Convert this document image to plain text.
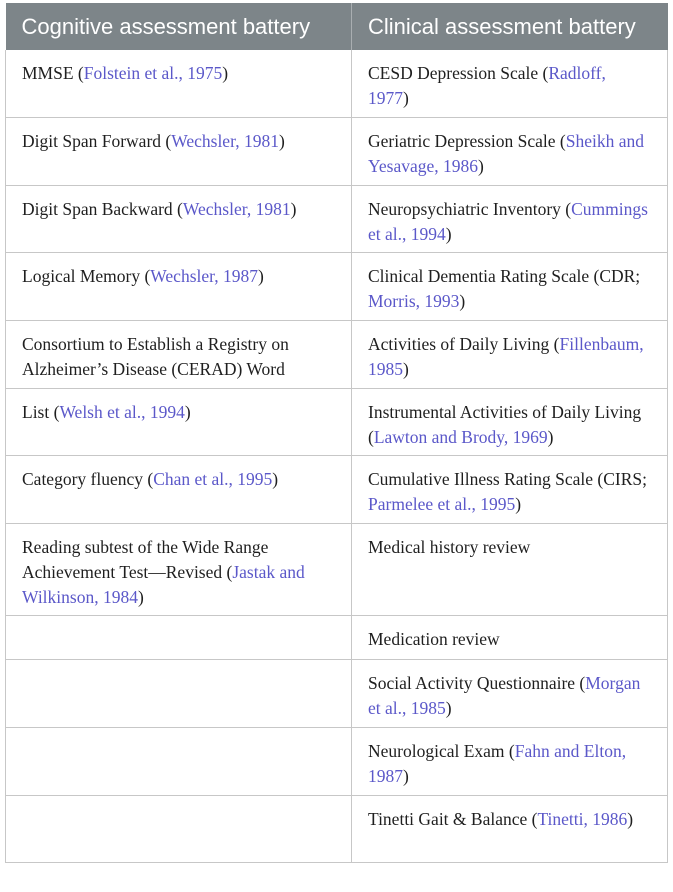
Cognitive assessment battery	Clinical assessment battery
MMSE (Folstein et al., 1975)	CESD Depression Scale (Radloff, 1977)
Digit Span Forward (Wechsler, 1981)	Geriatric Depression Scale (Sheikh and Yesavage, 1986)
Digit Span Backward (Wechsler, 1981)	Neuropsychiatric Inventory (Cummings et al., 1994)
Logical Memory (Wechsler, 1987)	Clinical Dementia Rating Scale (CDR; Morris, 1993)
Consortium to Establish a Registry on Alzheimer’s Disease (CERAD) Word	Activities of Daily Living (Fillenbaum, 1985)
List (Welsh et al., 1994)	Instrumental Activities of Daily Living (Lawton and Brody, 1969)
Category fluency (Chan et al., 1995)	Cumulative Illness Rating Scale (CIRS; Parmelee et al., 1995)
Reading subtest of the Wide Range Achievement Test—Revised (Jastak and Wilkinson, 1984)	Medical history review
	Medication review
	Social Activity Questionnaire (Morgan et al., 1985)
	Neurological Exam (Fahn and Elton, 1987)
	Tinetti Gait & Balance (Tinetti, 1986)
